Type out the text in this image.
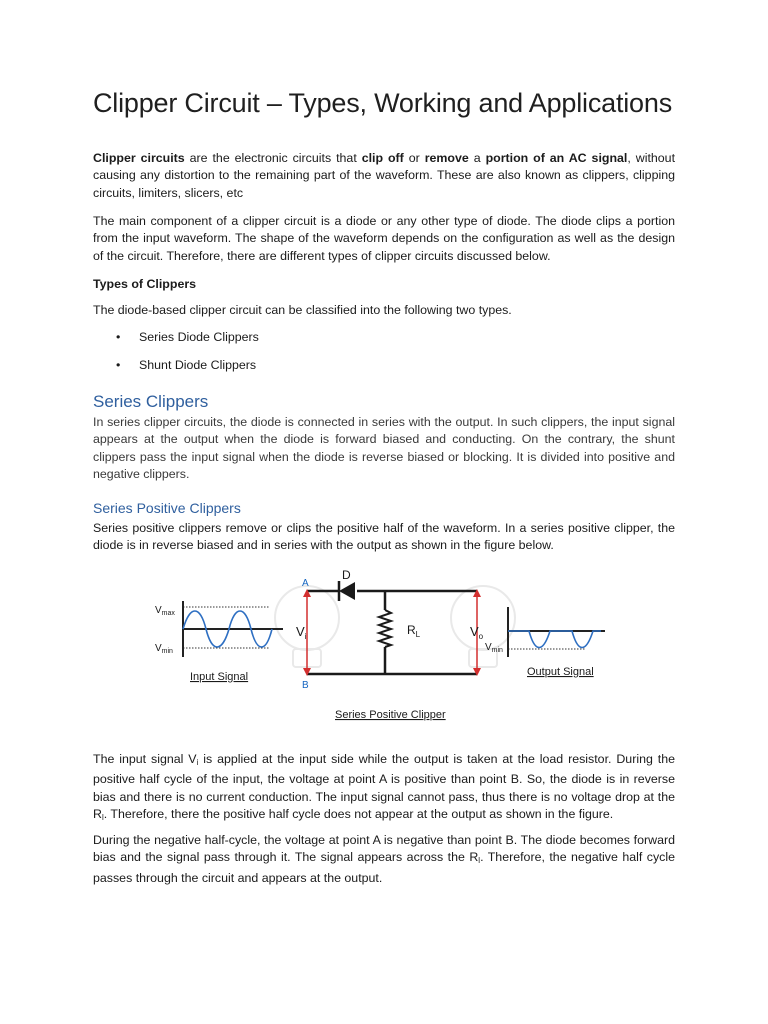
Clipper Circuit – Types, Working and Applications

Clipper circuits are the electronic circuits that clip off or remove a portion of an AC signal, without causing any distortion to the remaining part of the waveform. These are also known as clippers, clipping circuits, limiters, slicers, etc

The main component of a clipper circuit is a diode or any other type of diode. The diode clips a portion from the input waveform. The shape of the waveform depends on the configuration as well as the design of the circuit. Therefore, there are different types of clipper circuits discussed below.

Types of Clippers

The diode-based clipper circuit can be classified into the following two types.

• Series Diode Clippers
• Shunt Diode Clippers
Series Clippers

In series clipper circuits, the diode is connected in series with the output. In such clippers, the input signal appears at the output when the diode is forward biased and conducting. On the contrary, the shunt clippers pass the input signal when the diode is reverse biased or blocking. It is divided into positive and negative clippers.

Series Positive Clippers

Series positive clippers remove or clips the positive half of the waveform. In a series positive clipper, the diode is in reverse biased and in series with the output as shown in the figure below.

The input signal $V_i$ is applied at the input side while the output is taken at the load resistor. During the positive half cycle of the input, the voltage at point A is positive than point B. So, the diode is in reverse bias and there is no current conduction. The input signal cannot pass, thus there is no voltage drop at the $R_l$. Therefore, there the positive half cycle does not appear at the output as shown in the figure.

During the negative half-cycle, the voltage at point A is negative than point B. The diode becomes forward bias and the signal pass through it. The signal appears across the $R_l$. Therefore, the negative half cycle passes through the circuit and appears at the output.

$V_{max}$
$V_{min}$
Input Signal
D
$R_L$
A
B
$V_i$	$V_o$
$V_{min}$
Output Signal
Series Positive Clipper
